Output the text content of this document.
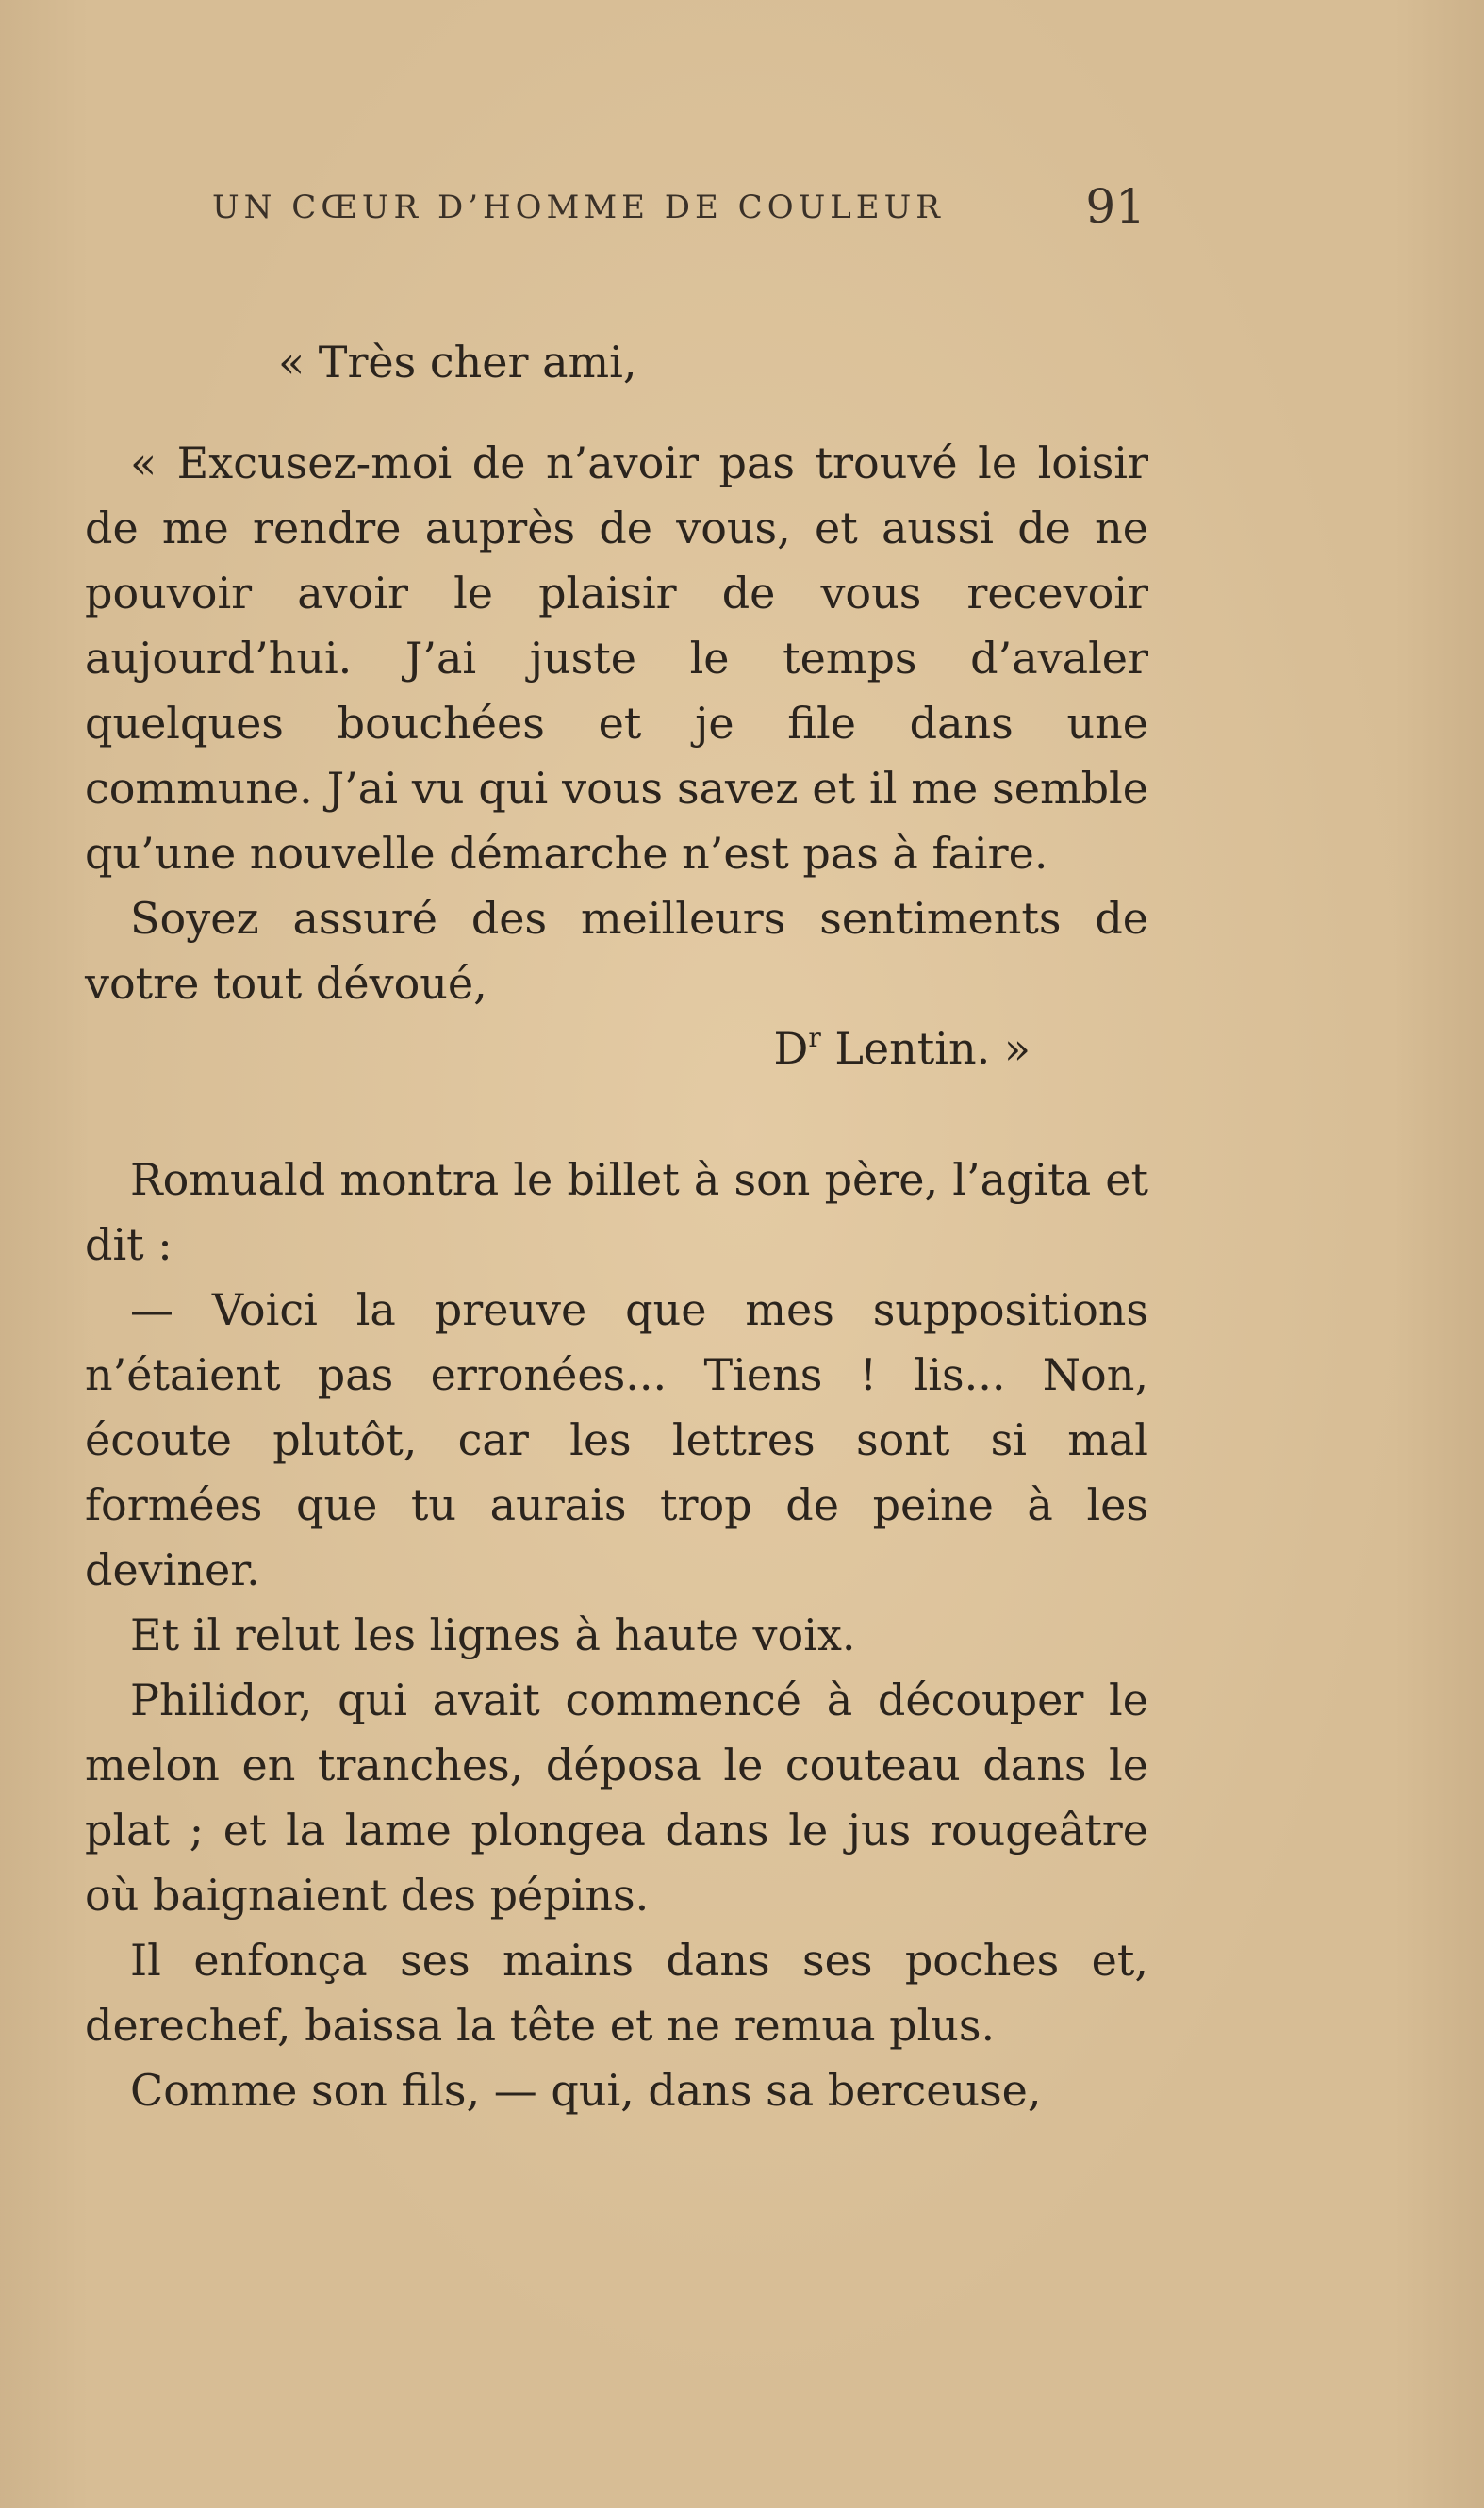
UN CŒUR D’HOMME DE COULEUR	91

« Très cher ami,

« Excusez-moi de n’avoir pas trouvé le loisir de me rendre auprès de vous, et aussi de ne pouvoir avoir le plaisir de vous recevoir aujourd’hui. J’ai juste le temps d’avaler quelques bouchées et je file dans une commune. J’ai vu qui vous savez et il me semble qu’une nouvelle démarche n’est pas à faire.

Soyez assuré des meilleurs sentiments de votre tout dévoué,

$D^r$ Lentin. »

Romuald montra le billet à son père, l’agita et dit :

— Voici la preuve que mes suppositions n’étaient pas erronées... Tiens ! lis... Non, écoute plutôt, car les lettres sont si mal formées que tu aurais trop de peine à les deviner.

Et il relut les lignes à haute voix.

Philidor, qui avait commencé à découper le melon en tranches, déposa le couteau dans le plat ; et la lame plongea dans le jus rougeâtre où baignaient des pépins.

Il enfonça ses mains dans ses poches et, derechef, baissa la tête et ne remua plus.

Comme son fils, — qui, dans sa berceuse,
